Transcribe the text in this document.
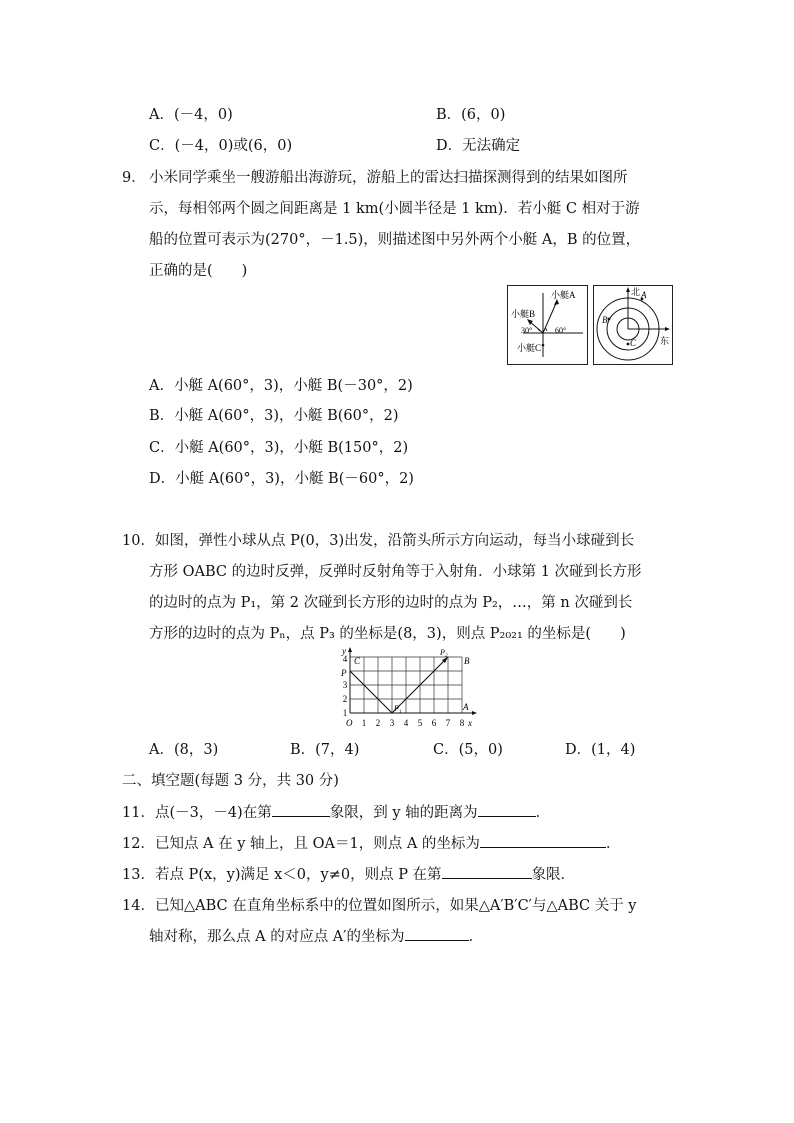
A．(－4，0)	B．(6，0)
C．(－4，0)或(6，0)	D．无法确定
9． 小米同学乘坐一艘游船出海游玩，游船上的雷达扫描探测得到的结果如图所
示，每相邻两个圆之间距离是 1 km(小圆半径是 1 km)．若小艇 C 相对于游
船的位置可表示为(270°，－1.5)，则描述图中另外两个小艇 A，B 的位置，
正确的是(　　)
小艇A
小艇B
30°	60°
小艇C
北
东
A
B
C
A．小艇 A(60°，3)，小艇 B(－30°，2)
B．小艇 A(60°，3)，小艇 B(60°，2)
C．小艇 A(60°，3)，小艇 B(150°，2)
D．小艇 A(60°，3)，小艇 B(－60°，2)
10． 如图，弹性小球从点 P(0，3)出发，沿箭头所示方向运动，每当小球碰到长
方形 OABC 的边时反弹，反弹时反射角等于入射角．小球第 1 次碰到长方形
的边时的点为 P₁，第 2 次碰到长方形的边时的点为 P₂，…，第 n 次碰到长
方形的边时的点为 Pₙ，点 P₃ 的坐标是(8，3)，则点 P₂₀₂₁ 的坐标是(　　)
1 2 3 4 5 6 7 8
1
2
3
4
O	x
y
P
C	B
A
P₁
P₂
A．(8，3)	B．(7，4)	C．(5，0)	D．(1，4)
二、填空题(每题 3 分，共 30 分)
11．点(－3，－4)在第	象限，到 y 轴的距离为	．
12．已知点 A 在 y 轴上，且 OA＝1，则点 A 的坐标为	．
13．若点 P(x，y)满足 x＜0，y≠0，则点 P 在第	象限．
14．已知△ABC 在直角坐标系中的位置如图所示，如果△A′B′C′与△ABC 关于 y
轴对称，那么点 A 的对应点 A′的坐标为	．
